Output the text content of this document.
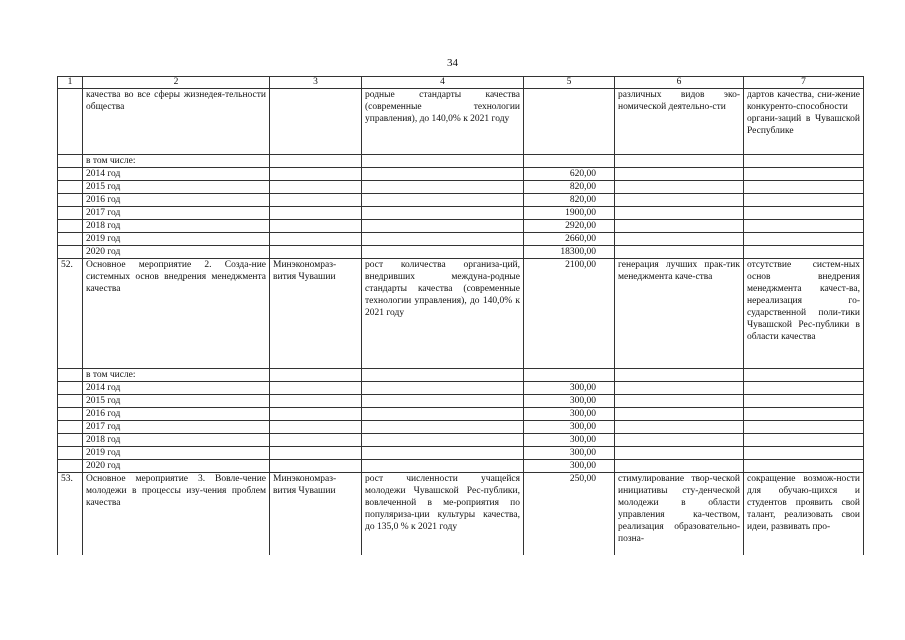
34
1	2	3	4	5	6	7
	качества во все сферы жизнедея-тельности общества		родные стандарты качества (современные технологии управления), до 140,0% к 2021 году		различных видов эко-номической деятельно-сти	дартов качества, сни-жение конкуренто-способности органи-заций в Чувашской Республике
	в том числе:					
	2014 год			620,00		
	2015 год			820,00		
	2016 год			820,00		
	2017 год			1900,00		
	2018 год			2920,00		
	2019 год			2660,00		
	2020 год			18300,00		
52.	Основное мероприятие 2. Созда-ние системных основ внедрения менеджмента качества	Минэкономраз-вития Чувашии	рост количества организа-ций, внедривших междуна-родные стандарты качества (современные технологии управления), до 140,0% к 2021 году	2100,00	генерация лучших прак-тик менеджмента каче-ства	отсутствие систем-ных основ внедрения менеджмента качест-ва, нереализация го-сударственной поли-тики Чувашской Рес-публики в области качества
	в том числе:					
	2014 год			300,00		
	2015 год			300,00		
	2016 год			300,00		
	2017 год			300,00		
	2018 год			300,00		
	2019 год			300,00		
	2020 год			300,00		
53.	Основное мероприятие 3. Вовле-чение молодежи в процессы изу-чения проблем качества	Минэкономраз-вития Чувашии	рост численности учащейся молодежи Чувашской Рес-публики, вовлеченной в ме-роприятия по популяриза-ции культуры качества, до 135,0 % к 2021 году	250,00	стимулирование твор-ческой инициативы сту-денческой молодежи в области управления ка-чеством, реализация образовательно-позна-	сокращение возмож-ности для обучаю-щихся и студентов проявить свой талант, реализовать свои идеи, развивать про-
